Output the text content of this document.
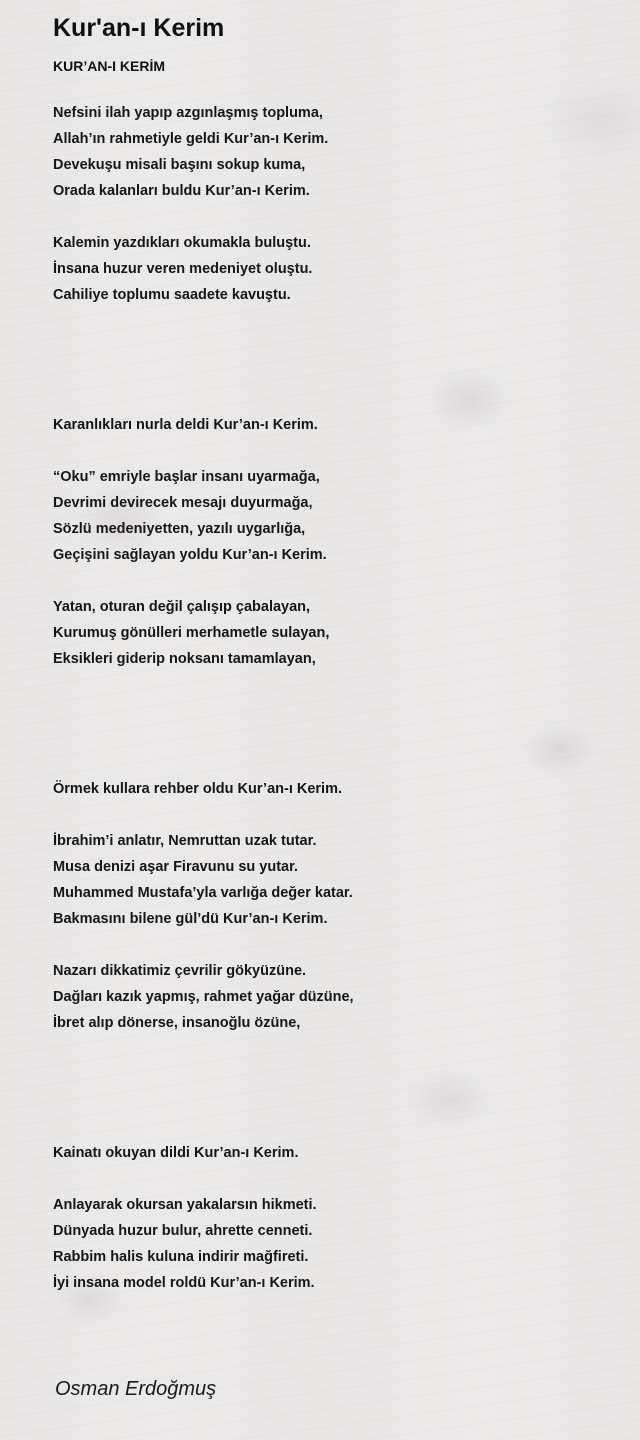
Kur'an-ı Kerim
KUR’AN-I KERİM
Nefsini ilah yapıp azgınlaşmış topluma,
Allah’ın rahmetiyle geldi Kur’an-ı Kerim.
Devekuşu misali başını sokup kuma,
Orada kalanları buldu Kur’an-ı Kerim.
Kalemin yazdıkları okumakla buluştu.
İnsana huzur veren medeniyet oluştu.
Cahiliye toplumu saadete kavuştu.
Karanlıkları nurla deldi Kur’an-ı Kerim.
“Oku” emriyle başlar insanı uyarmağa,
Devrimi devirecek mesajı duyurmağa,
Sözlü medeniyetten, yazılı uygarlığa,
Geçişini sağlayan yoldu Kur’an-ı Kerim.
Yatan, oturan değil çalışıp çabalayan,
Kurumuş gönülleri merhametle sulayan,
Eksikleri giderip noksanı tamamlayan,
Örmek kullara rehber oldu Kur’an-ı Kerim.
İbrahim’i anlatır, Nemruttan uzak tutar.
Musa denizi aşar Firavunu su yutar.
Muhammed Mustafa’yla varlığa değer katar.
Bakmasını bilene gül’dü Kur’an-ı Kerim.
Nazarı dikkatimiz çevrilir gökyüzüne.
Dağları kazık yapmış, rahmet yağar düzüne,
İbret alıp dönerse, insanoğlu özüne,
Kainatı okuyan dildi Kur’an-ı Kerim.
Anlayarak okursan yakalarsın hikmeti.
Dünyada huzur bulur, ahrette cenneti.
Rabbim halis kuluna indirir mağfireti.
İyi insana model roldü Kur’an-ı Kerim.
Osman Erdoğmuş
